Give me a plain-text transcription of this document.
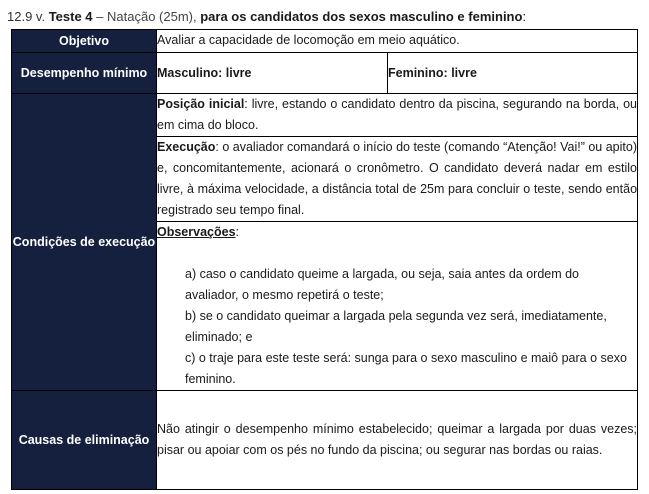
12.9 v. Teste 4 – Natação (25m), para os candidatos dos sexos masculino e feminino:
Objetivo	Avaliar a capacidade de locomoção em meio aquático.	
Desempenho mínimo	Masculino: livre	Feminino: livre
Condições de execução	Posição inicial: livre, estando o candidato dentro da piscina, segurando na borda, ou em cima do bloco.	
	Execução: o avaliador comandará o início do teste (comando “Atenção! Vai!” ou apito) e, concomitantemente, acionará o cronômetro. O candidato deverá nadar em estilo livre, à máxima velocidade, a distância total de 25m para concluir o teste, sendo então registrado seu tempo final.	

	Observações:
a) caso o candidato queime a largada, ou seja, saia antes da ordem do avaliador, o mesmo repetirá o teste;
b) se o candidato queimar a largada pela segunda vez será, imediatamente, eliminado; e
c) o traje para este teste será: sunga para o sexo masculino e maiô para o sexo feminino.	

Causas de eliminação	Não atingir o desempenho mínimo estabelecido; queimar a largada por duas vezes; pisar ou apoiar com os pés no fundo da piscina; ou segurar nas bordas ou raias.	
